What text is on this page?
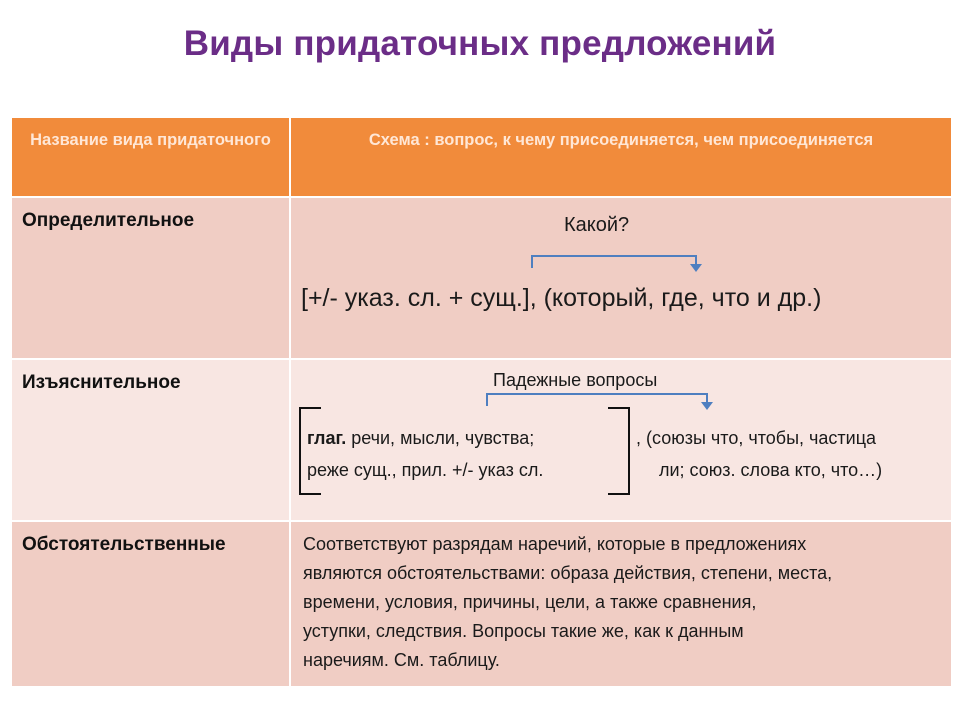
Виды придаточных предложений
Название вида придаточного	Схема : вопрос, к чему присоединяется, чем присоединяется
Определительное	Какой?
[+/- указ. сл. + сущ.], (который, где, что и др.)
Изъяснительное	Падежные вопросы
глаг. речи, мысли, чувства;
реже сущ., прил. +/- указ сл.
, (союзы что, чтобы, частица
ли; союз. слова кто, что…)
Обстоятельственные	Соответствуют разрядам наречий, которые в предложениях
являются обстоятельствами: образа действия, степени, места,
времени, условия, причины, цели, а также сравнения,
уступки, следствия. Вопросы такие же, как к данным
наречиям. См. таблицу.
